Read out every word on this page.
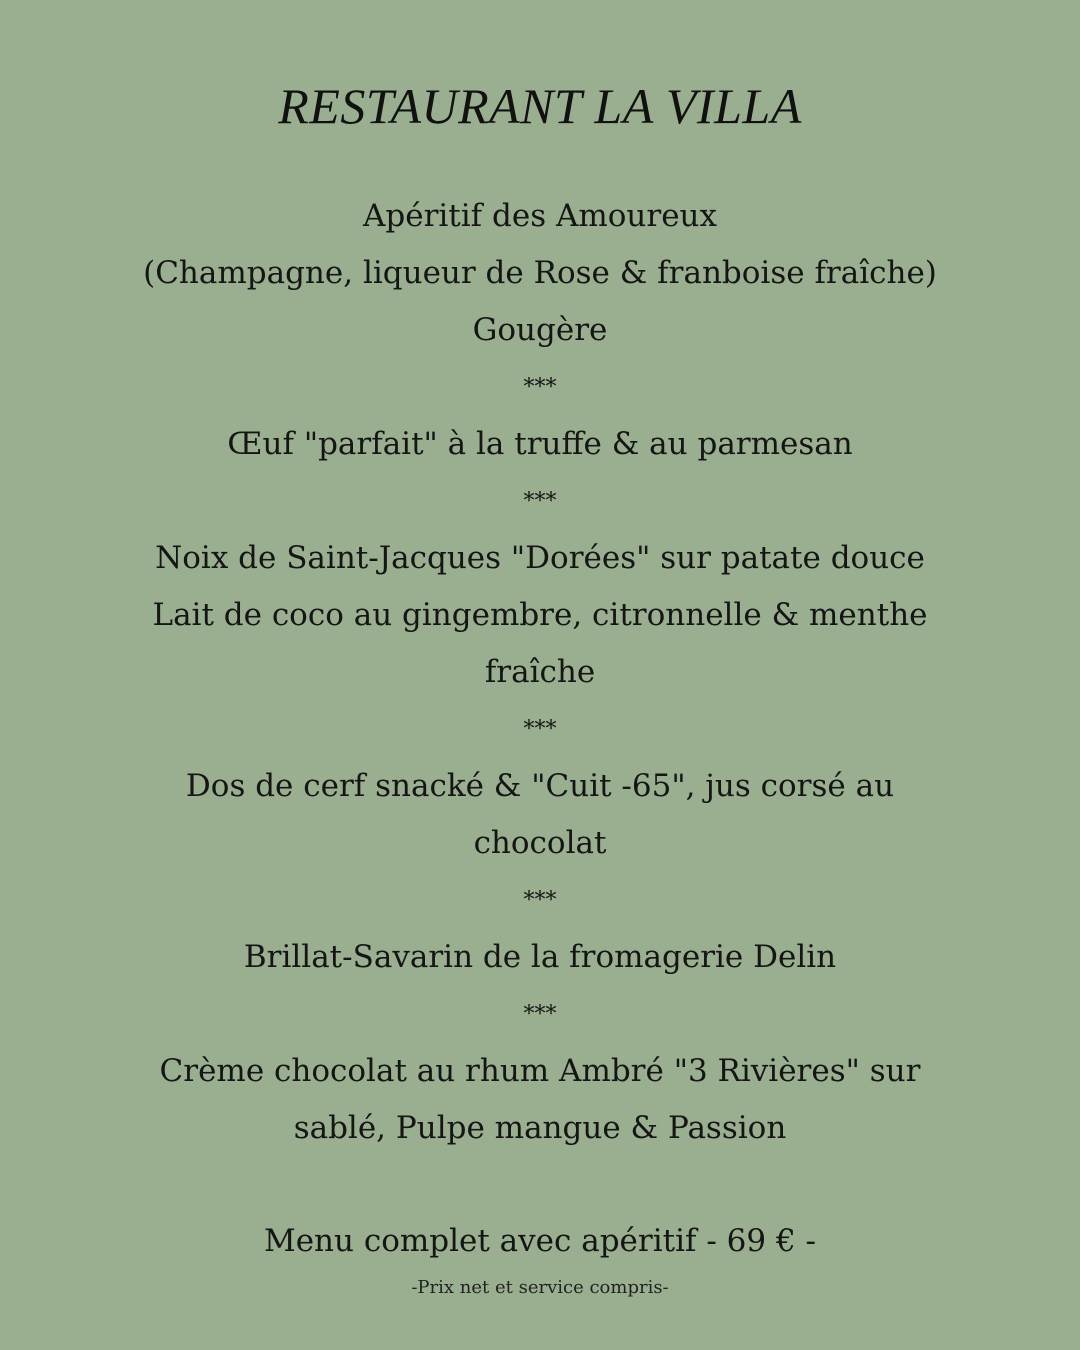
RESTAURANT LA VILLA

Apéritif des Amoureux

(Champagne, liqueur de Rose & franboise fraîche)

Gougère

***

Œuf "parfait" à la truffe & au parmesan

***

Noix de Saint-Jacques "Dorées" sur patate douce

Lait de coco au gingembre, citronnelle & menthe

fraîche

***

Dos de cerf snacké & "Cuit -65", jus corsé au

chocolat

***

Brillat-Savarin de la fromagerie Delin

***

Crème chocolat au rhum Ambré "3 Rivières" sur

sablé, Pulpe mangue & Passion

Menu complet avec apéritif - 69 € -

-Prix net et service compris-
